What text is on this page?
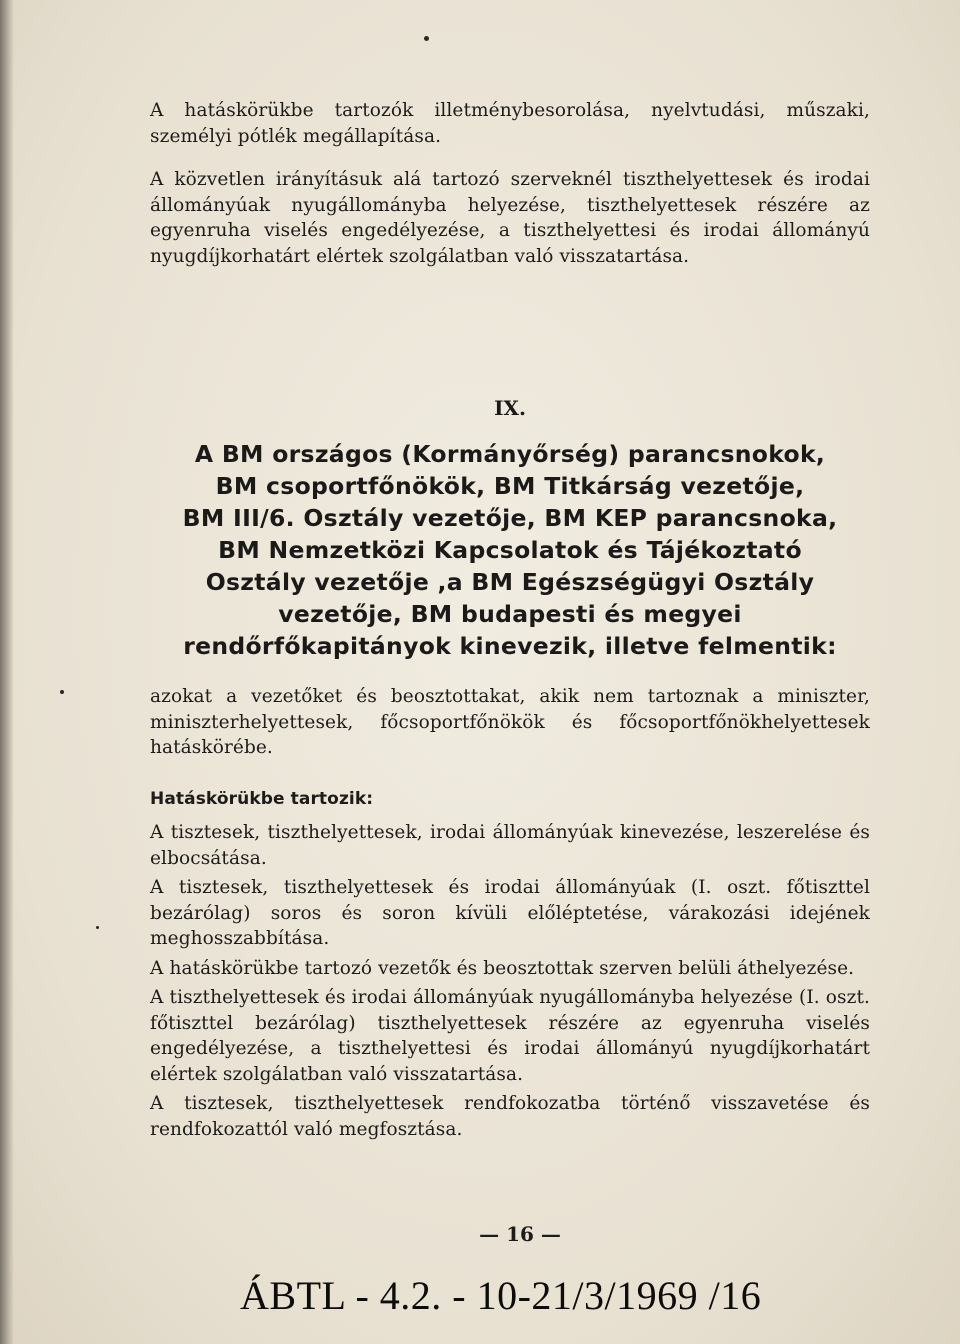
A hatáskörükbe tartozók illetménybesorolása, nyelvtudási, műszaki, személyi pótlék megállapítása.

A közvetlen irányításuk alá tartozó szerveknél tiszthelyettesek és irodai állományúak nyugállományba helyezése, tiszthelyettesek részére az egyenruha viselés engedélyezése, a tiszthelyettesi és irodai állományú nyugdíjkorhatárt elértek szolgálatban való visszatartása.

IX.
A BM országos (Kormányőrség) parancsnokok,
BM csoportfőnökök, BM Titkárság vezetője,
BM III/6. Osztály vezetője, BM KEP parancsnoka,
BM Nemzetközi Kapcsolatok és Tájékoztató
Osztály vezetője ,a BM Egészségügyi Osztály
vezetője, BM budapesti és megyei
rendőrfőkapitányok kinevezik, illetve felmentik:

azokat a vezetőket és beosztottakat, akik nem tartoznak a miniszter, miniszterhelyettesek, főcsoportfőnökök és főcsoportfőnökhelyettesek hatáskörébe.

Hatáskörükbe tartozik:

A tisztesek, tiszthelyettesek, irodai állományúak kinevezése, leszerelése és elbocsátása.

A tisztesek, tiszthelyettesek és irodai állományúak (I. oszt. főtiszttel bezárólag) soros és soron kívüli előléptetése, várakozási idejének meghosszabbítása.

A hatáskörükbe tartozó vezetők és beosztottak szerven belüli áthelyezése.

A tiszthelyettesek és irodai állományúak nyugállományba helyezése (I. oszt. főtiszttel bezárólag) tiszthelyettesek részére az egyenruha viselés engedélyezése, a tiszthelyettesi és irodai állományú nyugdíjkorhatárt elértek szolgálatban való visszatartása.

A tisztesek, tiszthelyettesek rendfokozatba történő visszavetése és rendfokozattól való megfosztása.

— 16 —
ÁBTL - 4.2. - 10-21/3/1969 /16
